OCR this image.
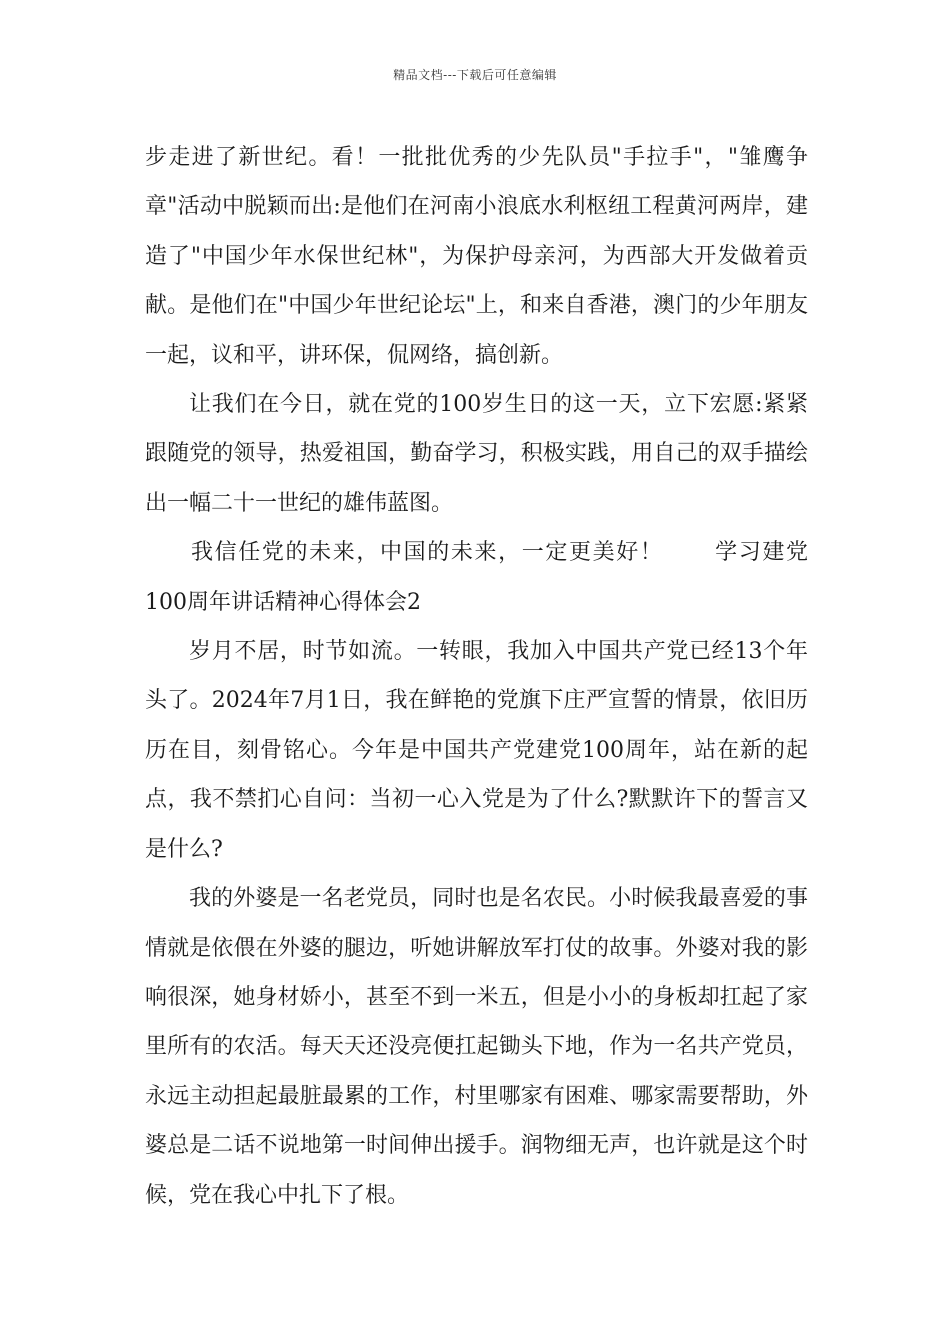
精品文档---下载后可任意编辑

步走进了新世纪。看！一批批优秀的少先队员"手拉手"，"雏鹰争章"活动中脱颖而出:是他们在河南小浪底水利枢纽工程黄河两岸，建造了"中国少年水保世纪林"，为保护母亲河，为西部大开发做着贡献。是他们在"中国少年世纪论坛"上，和来自香港，澳门的少年朋友一起，议和平，讲环保，侃网络，搞创新。

让我们在今日，就在党的100岁生日的这一天，立下宏愿:紧紧跟随党的领导，热爱祖国，勤奋学习，积极实践，用自己的双手描绘出一幅二十一世纪的雄伟蓝图。

我信任党的未来，中国的未来，一定更美好！ 学习建党100周年讲话精神心得体会2

岁月不居，时节如流。一转眼，我加入中国共产党已经13个年头了。2024年7月1日，我在鲜艳的党旗下庄严宣誓的情景，依旧历历在目，刻骨铭心。今年是中国共产党建党100周年，站在新的起点，我不禁扪心自问：当初一心入党是为了什么?默默许下的誓言又是什么?

我的外婆是一名老党员，同时也是名农民。小时候我最喜爱的事情就是依偎在外婆的腿边，听她讲解放军打仗的故事。外婆对我的影响很深，她身材娇小，甚至不到一米五，但是小小的身板却扛起了家里所有的农活。每天天还没亮便扛起锄头下地，作为一名共产党员，永远主动担起最脏最累的工作，村里哪家有困难、哪家需要帮助，外婆总是二话不说地第一时间伸出援手。润物细无声，也许就是这个时候，党在我心中扎下了根。
